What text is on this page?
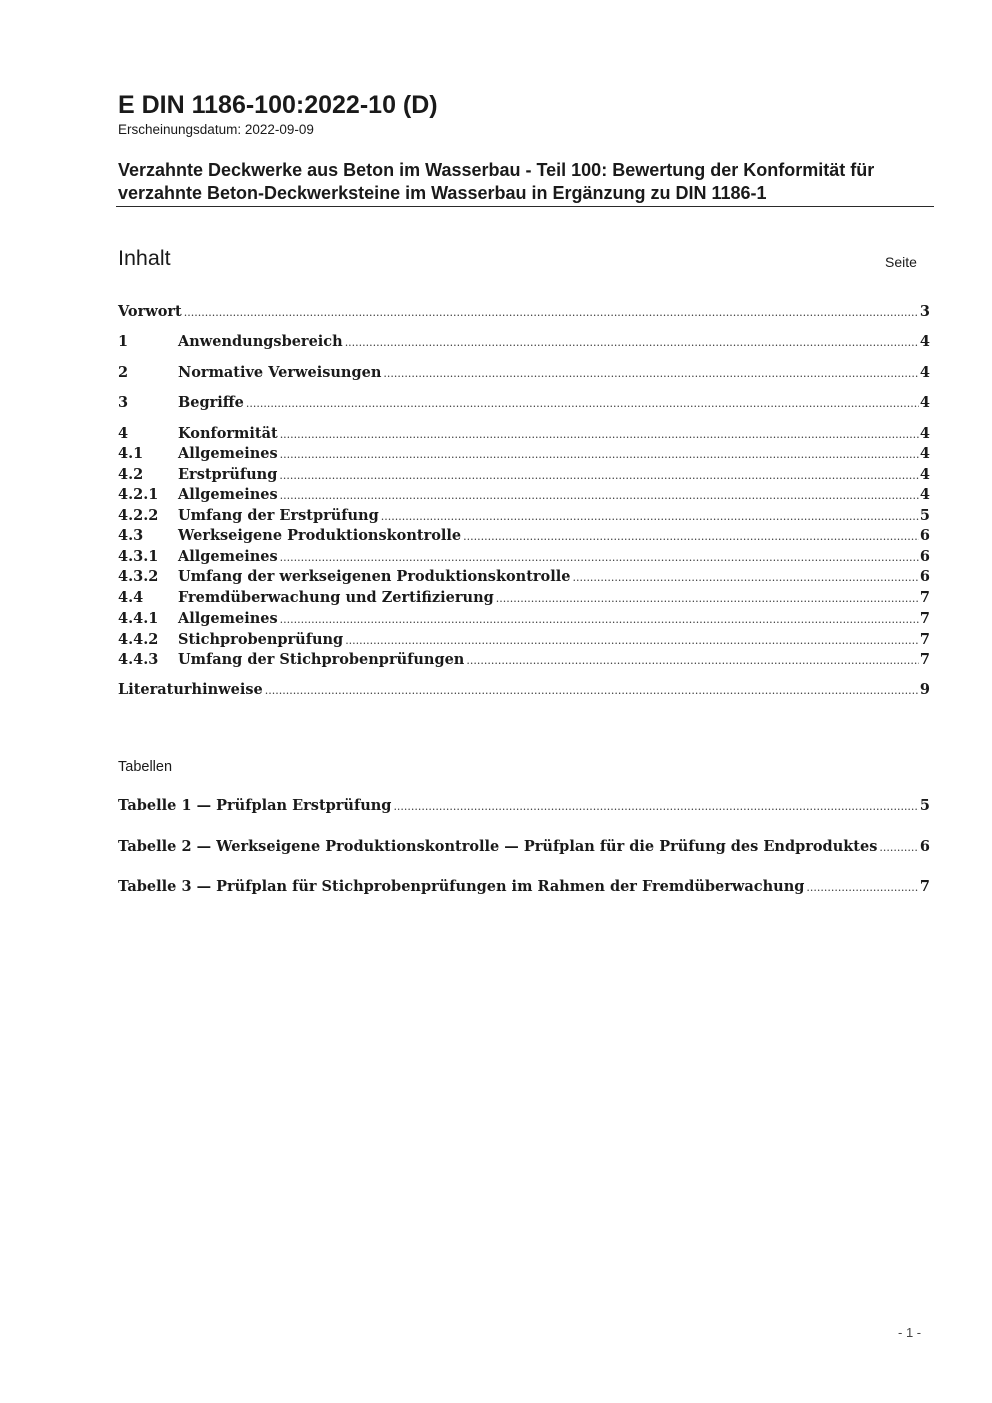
E DIN 1186-100:2022-10 (D)
Erscheinungsdatum: 2022-09-09
Verzahnte Deckwerke aus Beton im Wasserbau - Teil 100: Bewertung der Konformität für verzahnte Beton-Deckwerksteine im Wasserbau in Ergänzung zu DIN 1186-1
Inhalt	Seite
Vorwort .....	3
1	Anwendungsbereich .....	4
2	Normative Verweisungen .....	4
3	Begriffe .....	4
4	Konformität .....	4
4.1	Allgemeines .....	4
4.2	Erstprüfung .....	4
4.2.1	Allgemeines .....	4
4.2.2	Umfang der Erstprüfung .....	5
4.3	Werkseigene Produktionskontrolle .....	6
4.3.1	Allgemeines .....	6
4.3.2	Umfang der werkseigenen Produktionskontrolle .....	6
4.4	Fremdüberwachung und Zertifizierung .....	7
4.4.1	Allgemeines .....	7
4.4.2	Stichprobenprüfung .....	7
4.4.3	Umfang der Stichprobenprüfungen .....	7
Literaturhinweise .....	9
Tabellen
Tabelle 1 — Prüfplan Erstprüfung .....	5
Tabelle 2 — Werkseigene Produktionskontrolle — Prüfplan für die Prüfung des Endproduktes .....	6
Tabelle 3 — Prüfplan für Stichprobenprüfungen im Rahmen der Fremdüberwachung .....	7
- 1 -
